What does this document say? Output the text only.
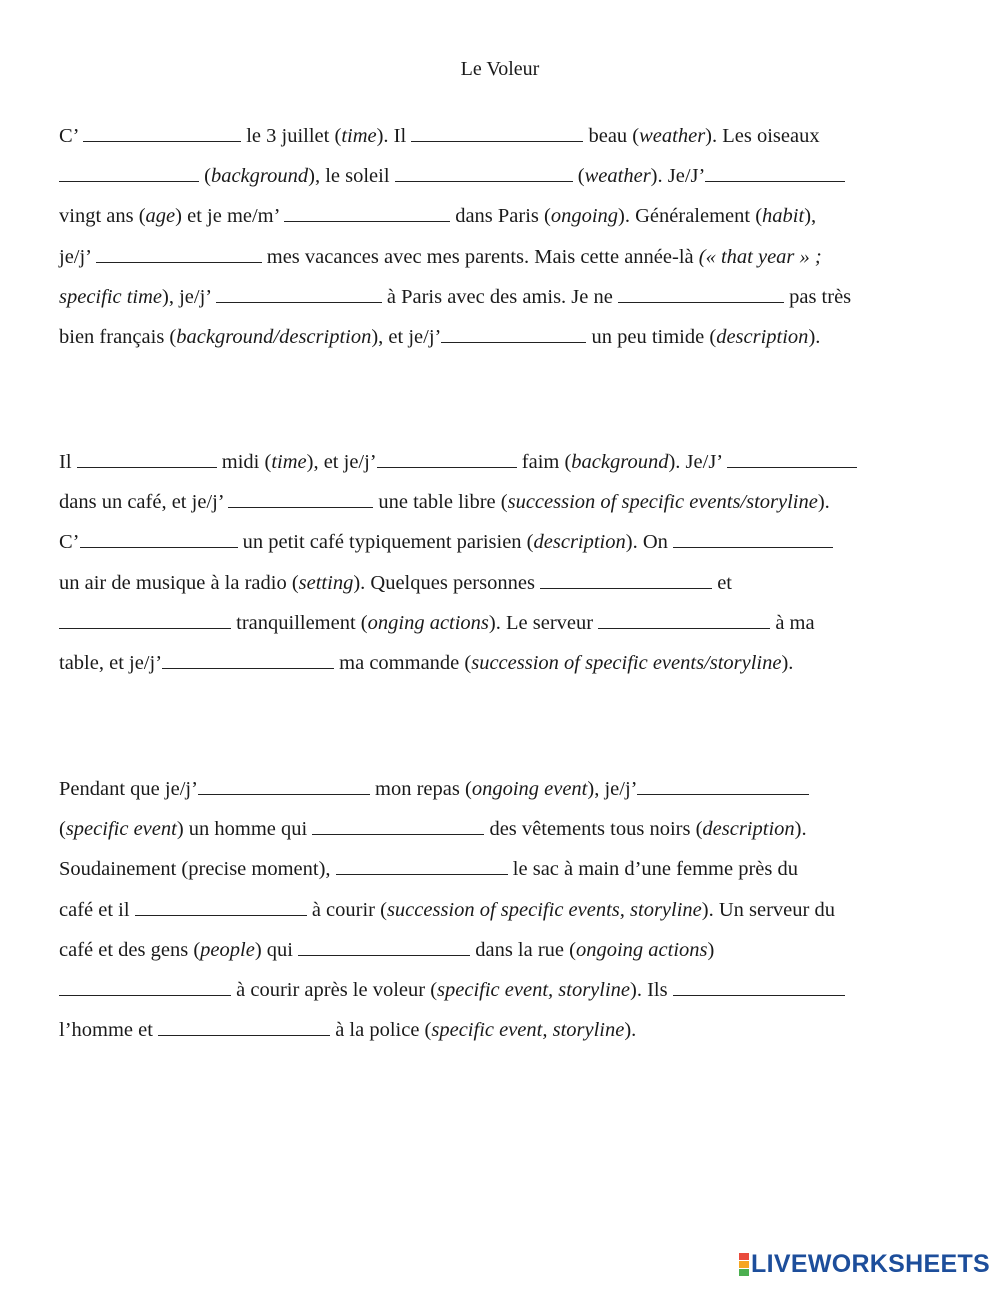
Le Voleur
C’	le 3 juillet (time). Il	beau (weather). Les oiseaux
(background), le soleil	(weather). Je/J’
vingt ans (age) et je me/m’	dans Paris (ongoing). Généralement (habit),
je/j’	mes vacances avec mes parents. Mais cette année-là (« that year » ;
specific time), je/j’	à Paris avec des amis. Je ne	pas très
bien français (background/description), et je/j’	un peu timide (description).
Il	midi (time), et je/j’	faim (background). Je/J’
dans un café, et je/j’	une table libre (succession of specific events/storyline).
C’	un petit café typiquement parisien (description). On
un air de musique à la radio (setting). Quelques personnes	et
tranquillement (onging actions). Le serveur	à ma
table, et je/j’	ma commande (succession of specific events/storyline).
Pendant que je/j’	mon repas (ongoing event), je/j’
(specific event) un homme qui	des vêtements tous noirs (description).
Soudainement (precise moment),	le sac à main d’une femme près du
café et il	à courir (succession of specific events, storyline). Un serveur du
café et des gens (people) qui	dans la rue (ongoing actions)
à courir après le voleur (specific event, storyline). Ils
l’homme et	à la police (specific event, storyline).
LIVEWORKSHEETS
